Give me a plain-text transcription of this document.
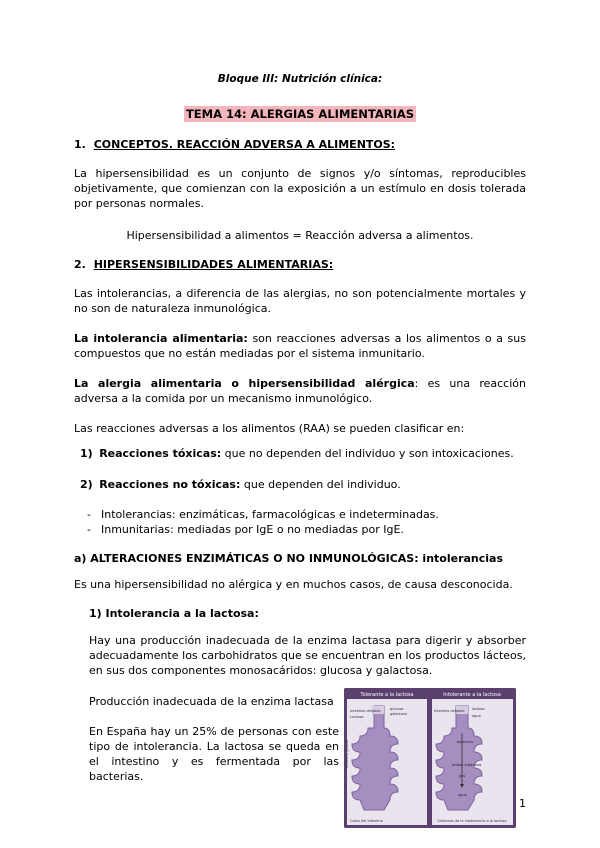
Bloque III: Nutrición clínica:
TEMA 14: ALERGIAS ALIMENTARIAS
1. CONCEPTOS. REACCIÓN ADVERSA A ALIMENTOS:
La hipersensibilidad es un conjunto de signos y/o síntomas, reproducibles objetivamente, que comienzan con la exposición a un estímulo en dosis tolerada por personas normales.
Hipersensibilidad a alimentos = Reacción adversa a alimentos.
2. HIPERSENSIBILIDADES ALIMENTARIAS:
Las intolerancias, a diferencia de las alergias, no son potencialmente mortales y no son de naturaleza inmunológica.
La intolerancia alimentaria: son reacciones adversas a los alimentos o a sus compuestos que no están mediadas por el sistema inmunitario.
La alergia alimentaria o hipersensibilidad alérgica: es una reacción adversa a la comida por un mecanismo inmunológico.
Las reacciones adversas a los alimentos (RAA) se pueden clasificar en:
1) Reacciones tóxicas: que no dependen del individuo y son intoxicaciones.
2) Reacciones no tóxicas: que dependen del individuo.
- Intolerancias: enzimáticas, farmacológicas e indeterminadas.
- Inmunitarias: mediadas por IgE o no mediadas por IgE.
a) ALTERACIONES ENZIMÁTICAS O NO INMUNOLÓGICAS: intolerancias
Es una hipersensibilidad no alérgica y en muchos casos, de causa desconocida.
1) Intolerancia a la lactosa:
Hay una producción inadecuada de la enzima lactasa para digerir y absorber adecuadamente los carbohidratos que se encuentran en los productos lácteos, en sus dos componentes monosacáridos: glucosa y galactosa.
Producción inadecuada de la enzima lactasa
En España hay un 25% de personas con este tipo de intolerancia. La lactosa se queda en el intestino y es fermentada por las bacterias.
Tolerante a la lactosa	Intolerante a la lactosa
Intestino delgado	glucosa
galactosa
Lactasa
Intestino grueso
Colon del Intestino
lactosa
agua
Intestino delgado
bacterias
ácidos orgánicos
gas
agua
Síntomas de la intolerancia a la lactosa
1
